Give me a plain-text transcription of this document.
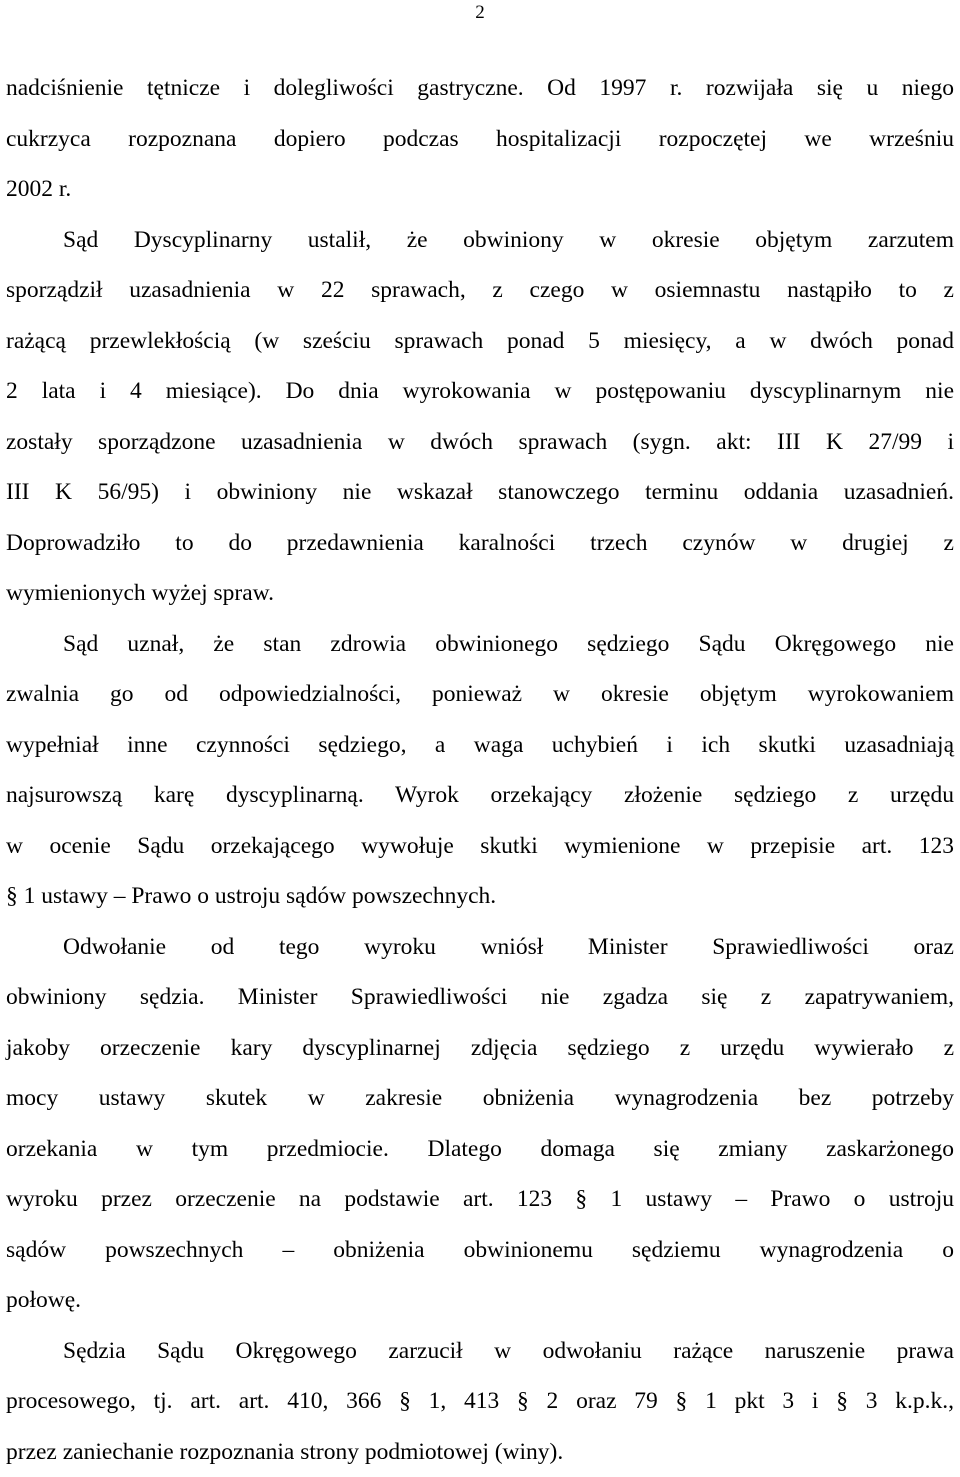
2
nadciśnienie tętnicze i dolegliwości gastryczne. Od 1997 r. rozwijała się u niego
cukrzyca rozpoznana dopiero podczas hospitalizacji rozpoczętej we wrześniu
2002 r.
Sąd Dyscyplinarny ustalił, że obwiniony w okresie objętym zarzutem
sporządził uzasadnienia w 22 sprawach, z czego w osiemnastu nastąpiło to z
rażącą przewlekłością (w sześciu sprawach ponad 5 miesięcy, a w dwóch ponad
2 lata i 4 miesiące). Do dnia wyrokowania w postępowaniu dyscyplinarnym nie
zostały sporządzone uzasadnienia w dwóch sprawach (sygn. akt: III K 27/99 i
III K 56/95) i obwiniony nie wskazał stanowczego terminu oddania uzasadnień.
Doprowadziło to do przedawnienia karalności trzech czynów w drugiej z
wymienionych wyżej spraw.
Sąd uznał, że stan zdrowia obwinionego sędziego Sądu Okręgowego nie
zwalnia go od odpowiedzialności, ponieważ w okresie objętym wyrokowaniem
wypełniał inne czynności sędziego, a waga uchybień i ich skutki uzasadniają
najsurowszą karę dyscyplinarną. Wyrok orzekający złożenie sędziego z urzędu
w ocenie Sądu orzekającego wywołuje skutki wymienione w przepisie art. 123
§ 1 ustawy – Prawo o ustroju sądów powszechnych.
Odwołanie od tego wyroku wniósł Minister Sprawiedliwości oraz
obwiniony sędzia. Minister Sprawiedliwości nie zgadza się z zapatrywaniem,
jakoby orzeczenie kary dyscyplinarnej zdjęcia sędziego z urzędu wywierało z
mocy ustawy skutek w zakresie obniżenia wynagrodzenia bez potrzeby
orzekania w tym przedmiocie. Dlatego domaga się zmiany zaskarżonego
wyroku przez orzeczenie na podstawie art. 123 § 1 ustawy – Prawo o ustroju
sądów powszechnych – obniżenia obwinionemu sędziemu wynagrodzenia o
połowę.
Sędzia Sądu Okręgowego zarzucił w odwołaniu rażące naruszenie prawa
procesowego, tj. art. art. 410, 366 § 1, 413 § 2 oraz 79 § 1 pkt 3 i § 3 k.p.k.,
przez zaniechanie rozpoznania strony podmiotowej (winy).
